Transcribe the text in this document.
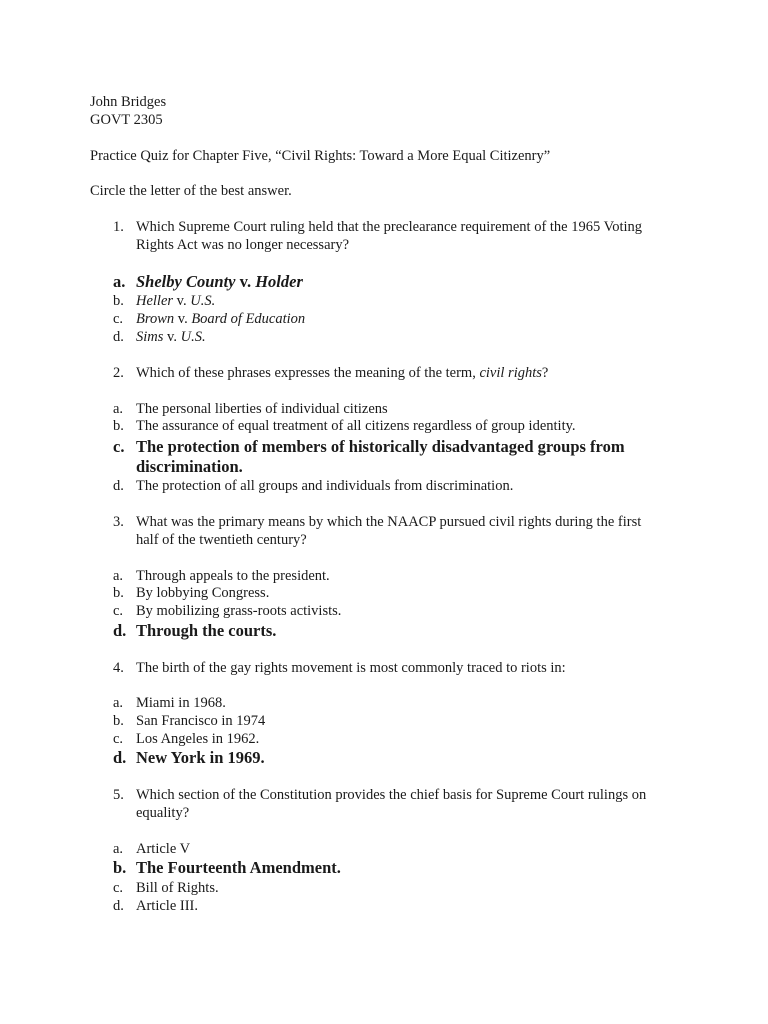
John Bridges
GOVT 2305
Practice Quiz for Chapter Five, “Civil Rights: Toward a More Equal Citizenry”
Circle the letter of the best answer.
1. Which Supreme Court ruling held that the preclearance requirement of the 1965 Voting Rights Act was no longer necessary?
a. Shelby County v. Holder
b. Heller v. U.S.
c. Brown v. Board of Education
d. Sims v. U.S.
2. Which of these phrases expresses the meaning of the term, civil rights?
a. The personal liberties of individual citizens
b. The assurance of equal treatment of all citizens regardless of group identity.
c. The protection of members of historically disadvantaged groups from discrimination.
d. The protection of all groups and individuals from discrimination.
3. What was the primary means by which the NAACP pursued civil rights during the first half of the twentieth century?
a. Through appeals to the president.
b. By lobbying Congress.
c. By mobilizing grass-roots activists.
d. Through the courts.
4. The birth of the gay rights movement is most commonly traced to riots in:
a. Miami in 1968.
b. San Francisco in 1974
c. Los Angeles in 1962.
d. New York in 1969.
5. Which section of the Constitution provides the chief basis for Supreme Court rulings on equality?
a. Article V
b. The Fourteenth Amendment.
c. Bill of Rights.
d. Article III.
